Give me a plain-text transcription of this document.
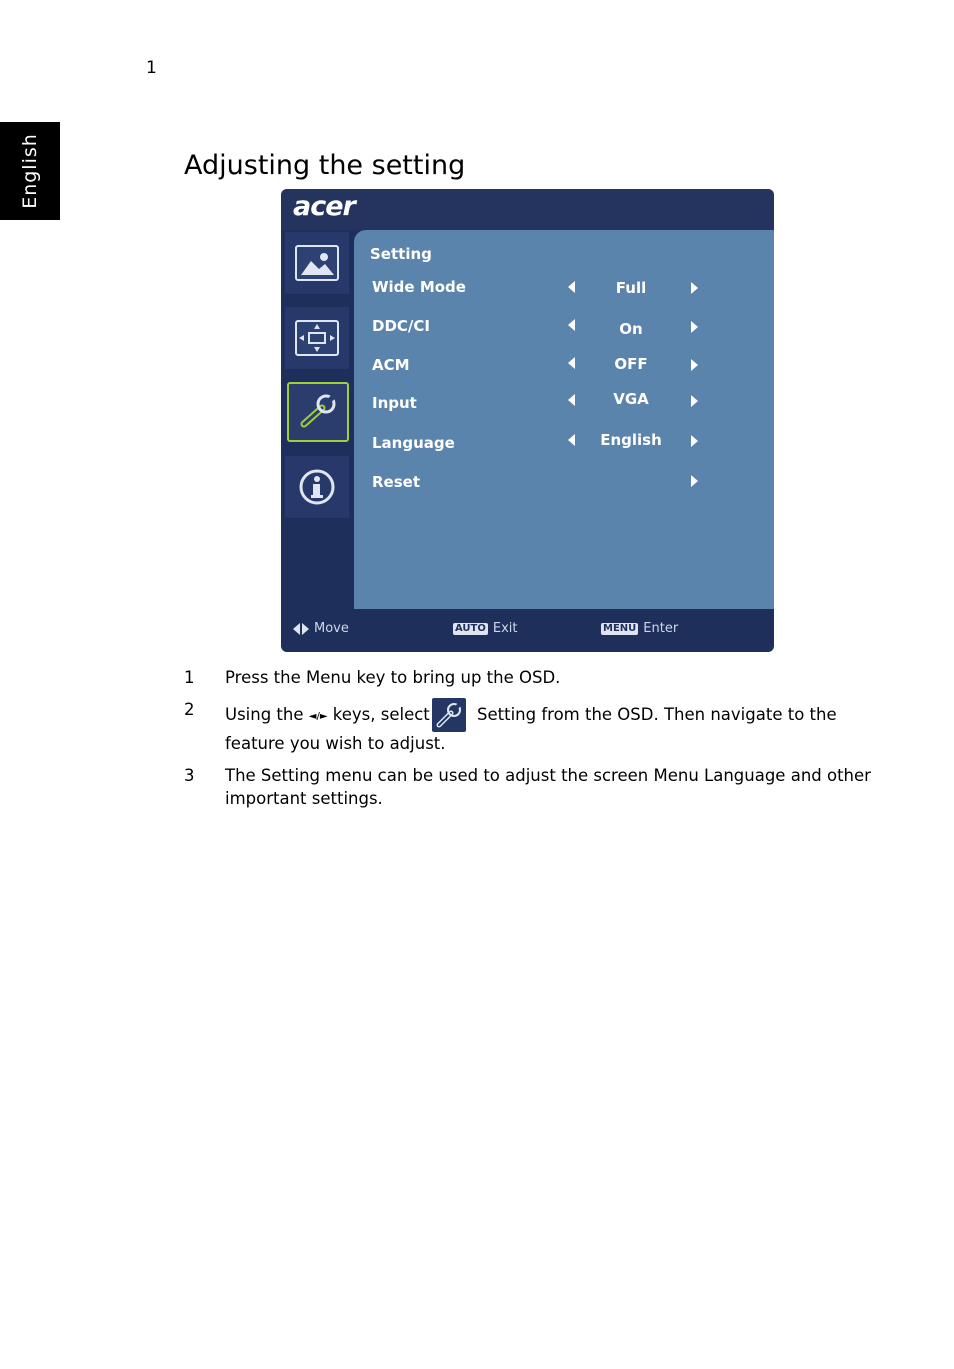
1
English	Adjusting the setting
acer
Setting
Wide Mode	Full
DDC/CI	On
ACM	OFF
Input	VGA
Language	English
Reset
Move	AUTO Exit	MENU Enter
1 Press the Menu key to bring up the OSD.
2 Using the ◄/► keys, select	Setting from the OSD. Then navigate to the feature you wish to adjust.
3 The Setting menu can be used to adjust the screen Menu Language and other important settings.
